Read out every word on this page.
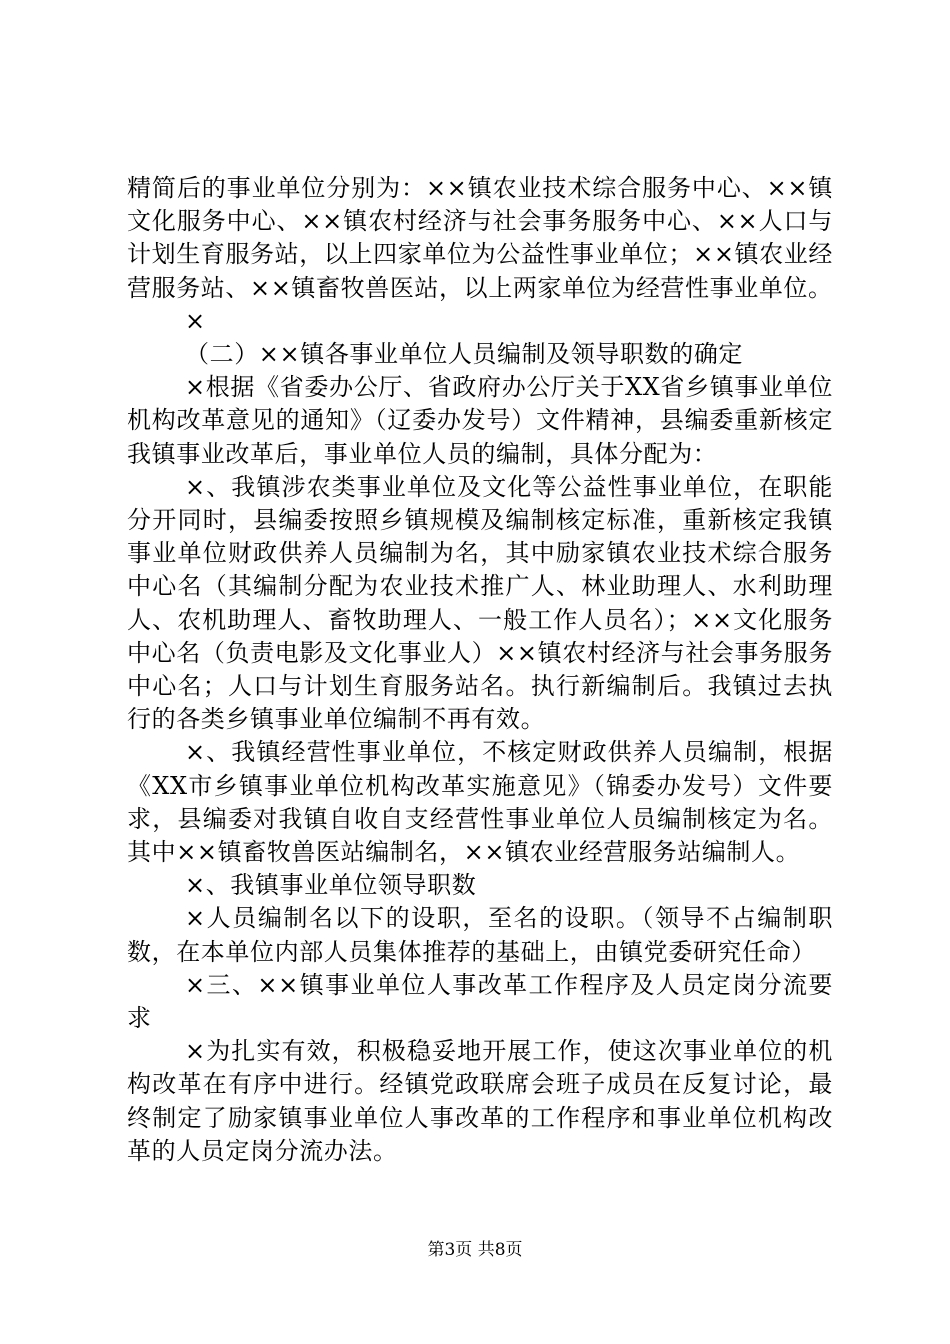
精简后的事业单位分别为：××镇农业技术综合服务中心、××镇文化服务中心、××镇农村经济与社会事务服务中心、××人口与计划生育服务站，以上四家单位为公益性事业单位；××镇农业经营服务站、××镇畜牧兽医站，以上两家单位为经营性事业单位。

×

（二）××镇各事业单位人员编制及领导职数的确定

×根据《省委办公厅、省政府办公厅关于XX省乡镇事业单位机构改革意见的通知》（辽委办发号）文件精神，县编委重新核定我镇事业改革后，事业单位人员的编制，具体分配为：

×、我镇涉农类事业单位及文化等公益性事业单位，在职能分开同时，县编委按照乡镇规模及编制核定标准，重新核定我镇事业单位财政供养人员编制为名，其中励家镇农业技术综合服务中心名（其编制分配为农业技术推广人、林业助理人、水利助理人、农机助理人、畜牧助理人、一般工作人员名）；××文化服务中心名（负责电影及文化事业人）××镇农村经济与社会事务服务中心名；人口与计划生育服务站名。执行新编制后。我镇过去执行的各类乡镇事业单位编制不再有效。

×、我镇经营性事业单位，不核定财政供养人员编制，根据《XX市乡镇事业单位机构改革实施意见》（锦委办发号）文件要求，县编委对我镇自收自支经营性事业单位人员编制核定为名。其中××镇畜牧兽医站编制名，××镇农业经营服务站编制人。

×、我镇事业单位领导职数

×人员编制名以下的设职，至名的设职。（领导不占编制职数，在本单位内部人员集体推荐的基础上，由镇党委研究任命）

×三、××镇事业单位人事改革工作程序及人员定岗分流要求

×为扎实有效，积极稳妥地开展工作，使这次事业单位的机构改革在有序中进行。经镇党政联席会班子成员在反复讨论，最终制定了励家镇事业单位人事改革的工作程序和事业单位机构改革的人员定岗分流办法。

第3页 共8页
